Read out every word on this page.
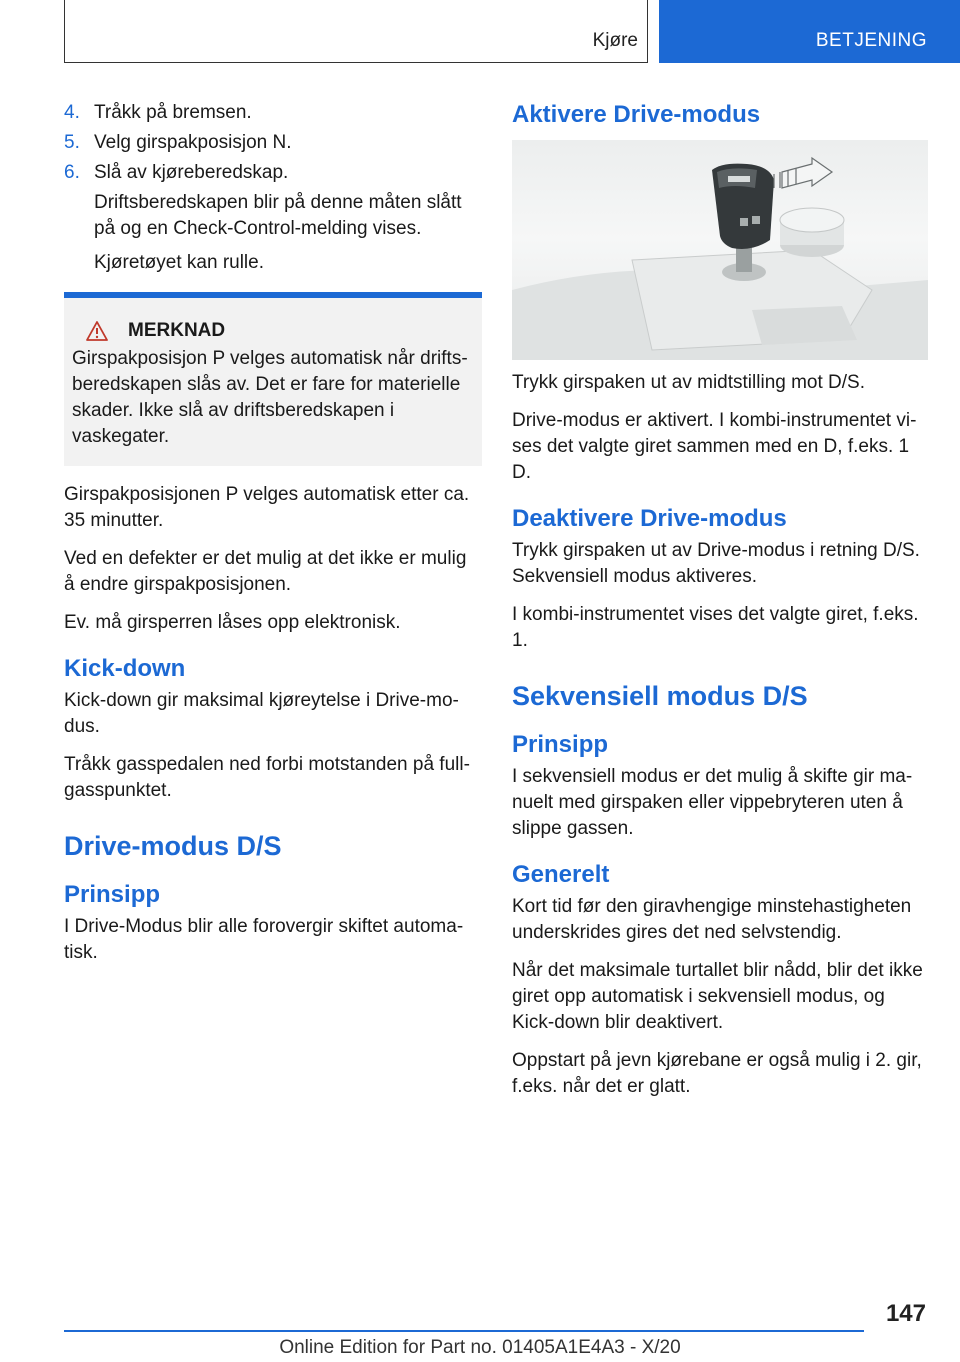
Kjøre	BETJENING
4. Tråkk på bremsen.
5. Velg girspakposisjon N.
6. Slå av kjøreberedskap.
Driftsberedskapen blir på denne måten slått på og en Check-Control-melding vises.
Kjøretøyet kan rulle.
MERKNAD

Girspakposisjon P velges automatisk når driftsberedskapen slås av. Det er fare for materielle skader. Ikke slå av driftsberedskapen i vaskegater.

Girspakposisjonen P velges automatisk etter ca. 35 minutter.

Ved en defekter er det mulig at det ikke er mulig å endre girspakposisjonen.

Ev. må girsperren låses opp elektronisk.

Kick-down

Kick-down gir maksimal kjøreytelse i Drive-modus.

Tråkk gasspedalen ned forbi motstanden på fullgasspunktet.

Drive-modus D/S
Prinsipp

I Drive-Modus blir alle forovergir skiftet automatisk.

Aktivere Drive-modus

Trykk girspaken ut av midtstilling mot D/S.

Drive-modus er aktivert. I kombi-instrumentet vises det valgte giret sammen med en D, f.eks. 1 D.

Deaktivere Drive-modus

Trykk girspaken ut av Drive-modus i retning D/S. Sekvensiell modus aktiveres.

I kombi-instrumentet vises det valgte giret, f.eks. 1.

Sekvensiell modus D/S
Prinsipp

I sekvensiell modus er det mulig å skifte gir manuelt med girspaken eller vippebryteren uten å slippe gassen.

Generelt

Kort tid før den giravhengige minstehastigheten underskrides gires det ned selvstendig.

Når det maksimale turtallet blir nådd, blir det ikke giret opp automatisk i sekvensiell modus, og Kick-down blir deaktivert.

Oppstart på jevn kjørebane er også mulig i 2. gir, f.eks. når det er glatt.

147
Online Edition for Part no. 01405A1E4A3 - X/20
